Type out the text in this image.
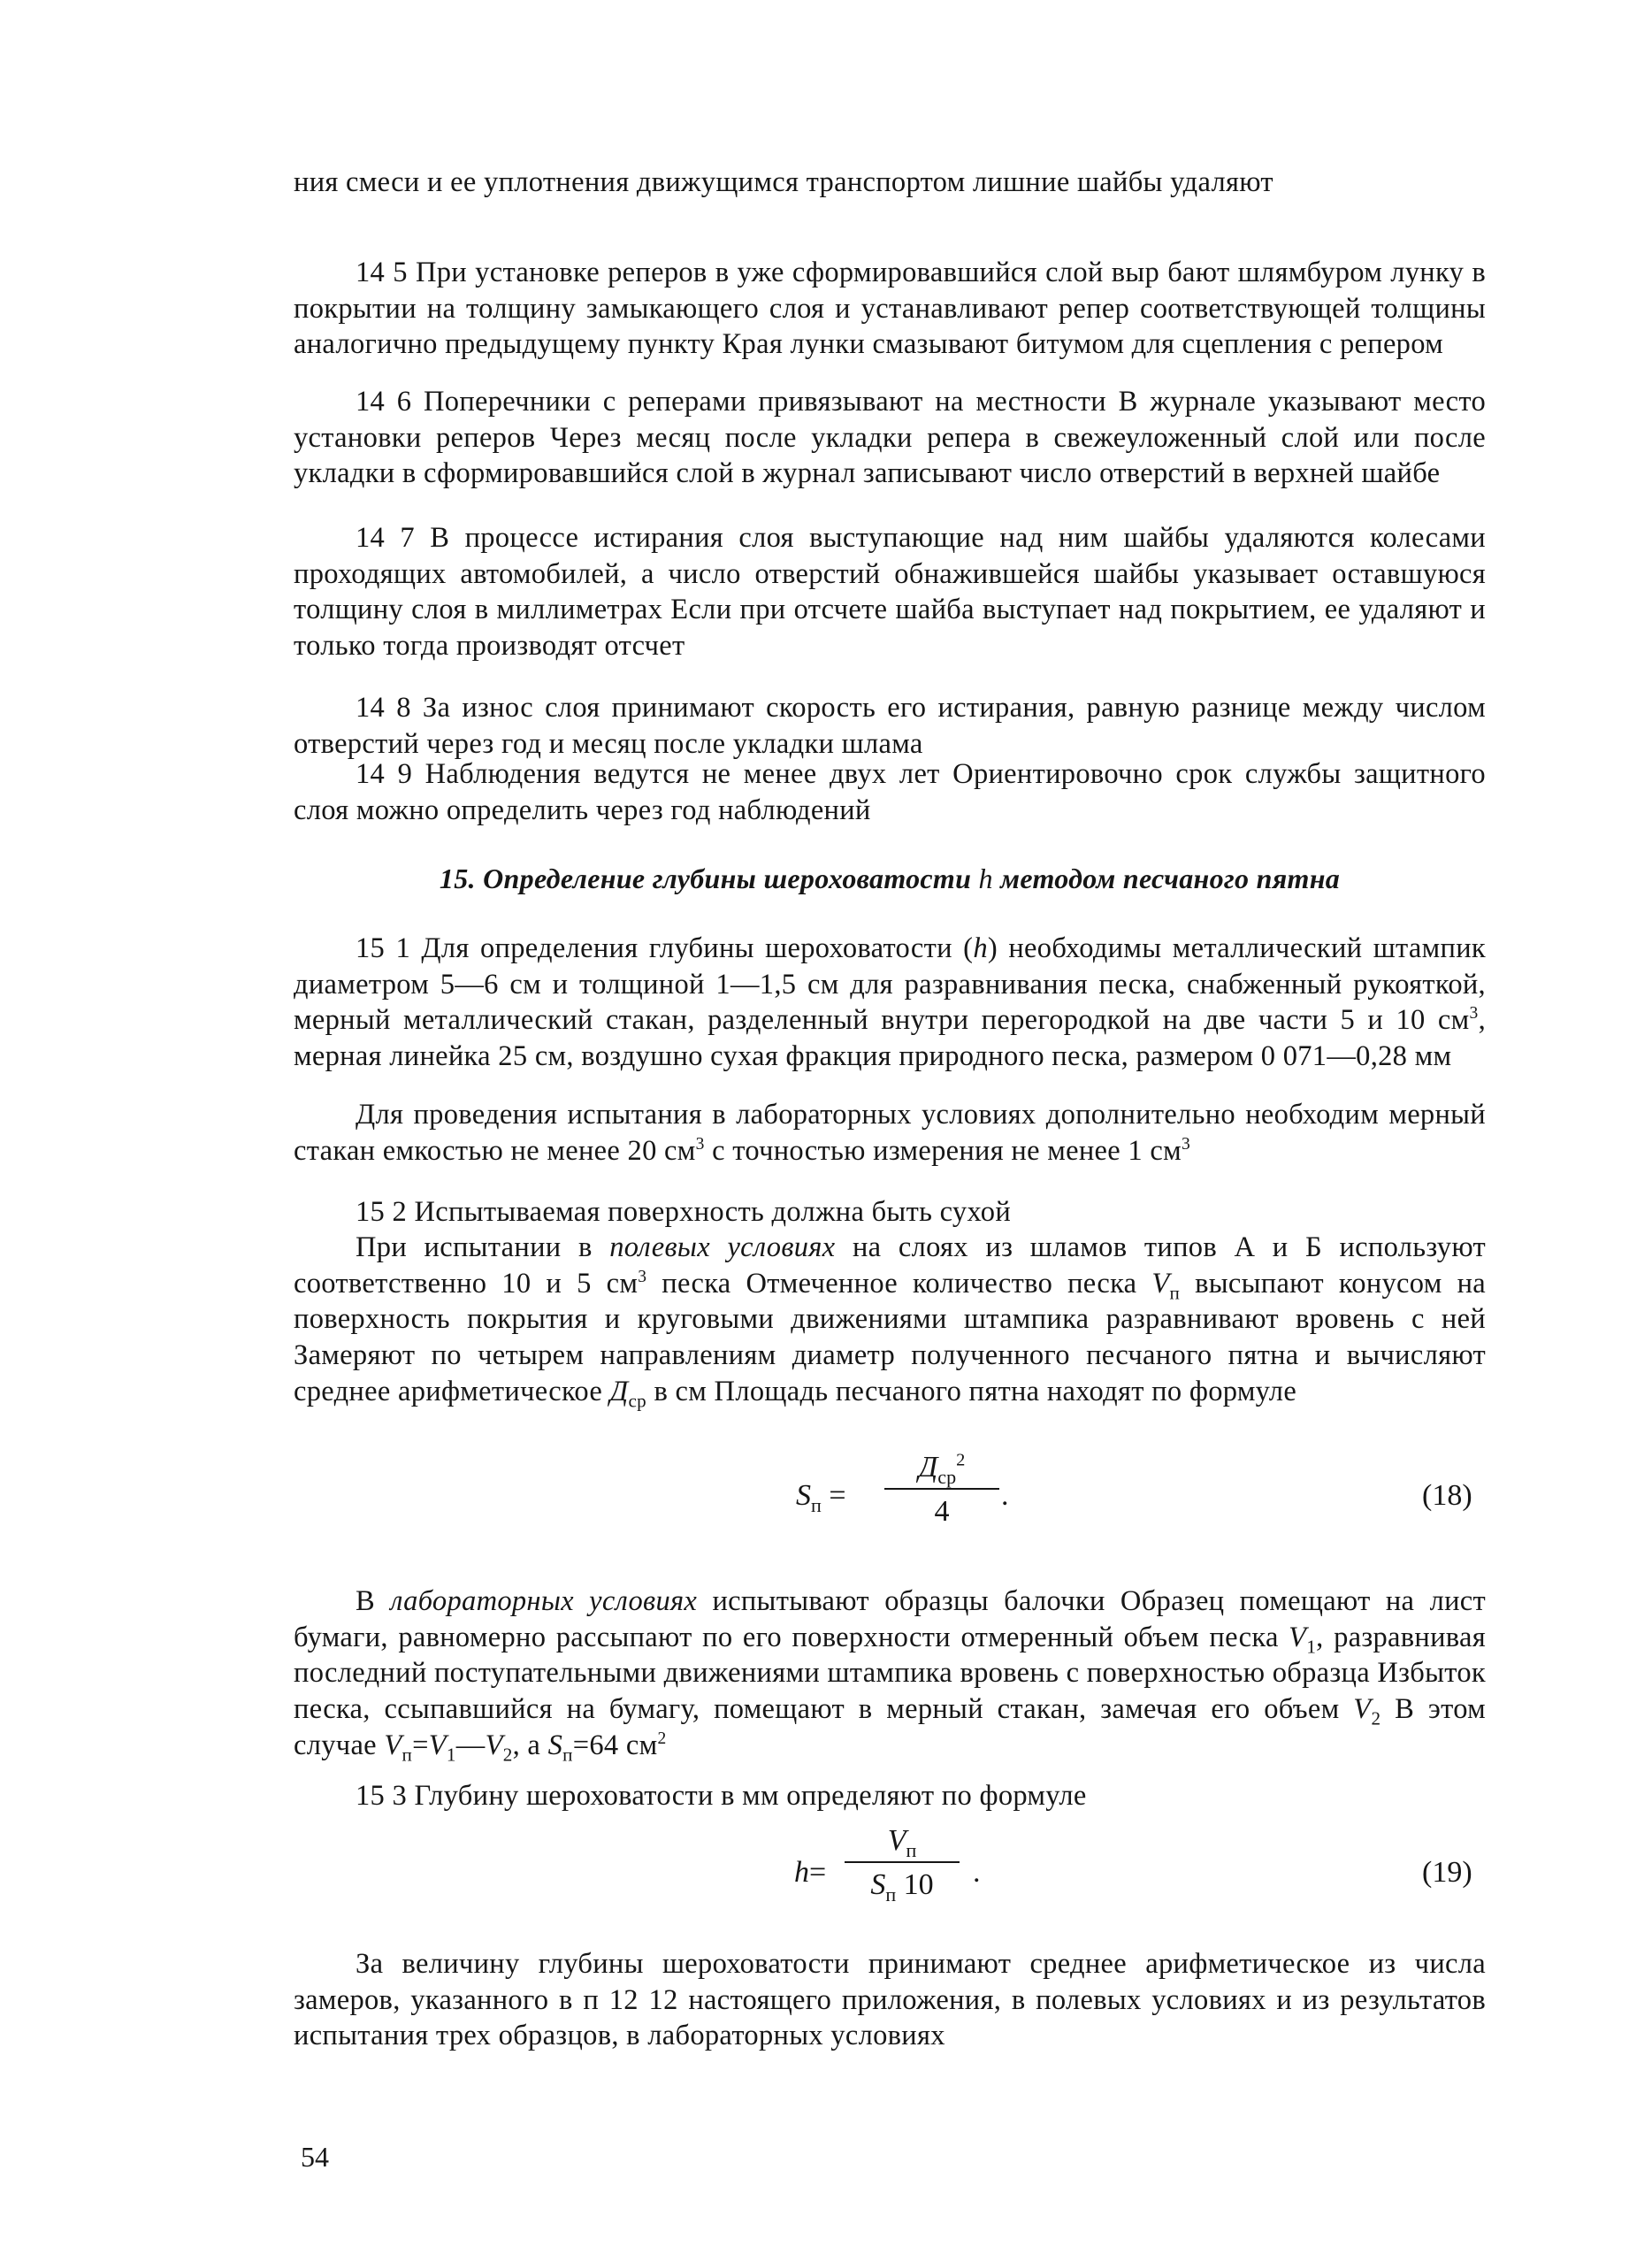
ния смеси и ее уплотнения движущимся транспортом лишние шайбы удаляют

14 5 При установке реперов в уже сформировавшийся слой выр бают шлямбуром лунку в покрытии на толщину замыкающего слоя и устанавливают репер соответствующей толщины аналогично предыдущему пункту Края лунки смазывают битумом для сцепления с репером

14 6 Поперечники с реперами привязывают на местности В журнале указывают место установки реперов Через месяц после укладки репера в свежеуложенный слой или после укладки в сформировавшийся слой в журнал записывают число отверстий в верхней шайбе

14 7 В процессе истирания слоя выступающие над ним шайбы удаляются колесами проходящих автомобилей, а число отверстий обнажившейся шайбы указывает оставшуюся толщину слоя в миллиметрах Если при отсчете шайба выступает над покрытием, ее удаляют и только тогда производят отсчет

14 8 За износ слоя принимают скорость его истирания, равную разнице между числом отверстий через год и месяц после укладки шлама

14 9 Наблюдения ведутся не менее двух лет Ориентировочно срок службы защитного слоя можно определить через год наблюдений

15. Определение глубины шероховатости h методом песчаного пятна

15 1 Для определения глубины шероховатости (h) необходимы металлический штампик диаметром 5—6 см и толщиной 1—1,5 см для разравнивания песка, снабженный рукояткой, мерный металлический стакан, разделенный внутри перегородкой на две части 5 и 10 $см^3$, мерная линейка 25 см, воздушно сухая фракция природного песка, размером 0 071—0,28 мм

Для проведения испытания в лабораторных условиях дополнительно необходим мерный стакан емкостью не менее 20 $см^3$ с точностью измерения не менее 1 $см^3$

15 2 Испытываемая поверхность должна быть сухой

При испытании в полевых условиях на слоях из шламов типов А и Б используют соответственно 10 и 5 $см^3$ песка Отмеченное количество песка $V_п$ высыпают конусом на поверхность покрытия и круговыми движениями штампика разравнивают вровень с ней Замеряют по четырем направлениям диаметр полученного песчаного пятна и вычисляют среднее арифметическое $Д_{ср}$ в см Площадь песчаного пятна находят по формуле

$S_п$ =
$Д_{ср}^2$
4	.	(18)

В лабораторных условиях испытывают образцы балочки Образец помещают на лист бумаги, равномерно рассыпают по его поверхности отмеренный объем песка $V_1$, разравнивая последний поступательными движениями штампика вровень с поверхностью образца Избыток песка, ссыпавшийся на бумагу, помещают в мерный стакан, замечая его объем $V_2$ В этом случае $V_п=V_1—V_2$, а $S_п=64$ $см^2$

15 3 Глубину шероховатости в мм определяют по формуле

h=
$V_п$
$S_п$ 10	.	(19)

За величину глубины шероховатости принимают среднее арифметическое из числа замеров, указанного в п 12 12 настоящего приложения, в полевых условиях и из результатов испытания трех образцов, в лабораторных условиях

54
